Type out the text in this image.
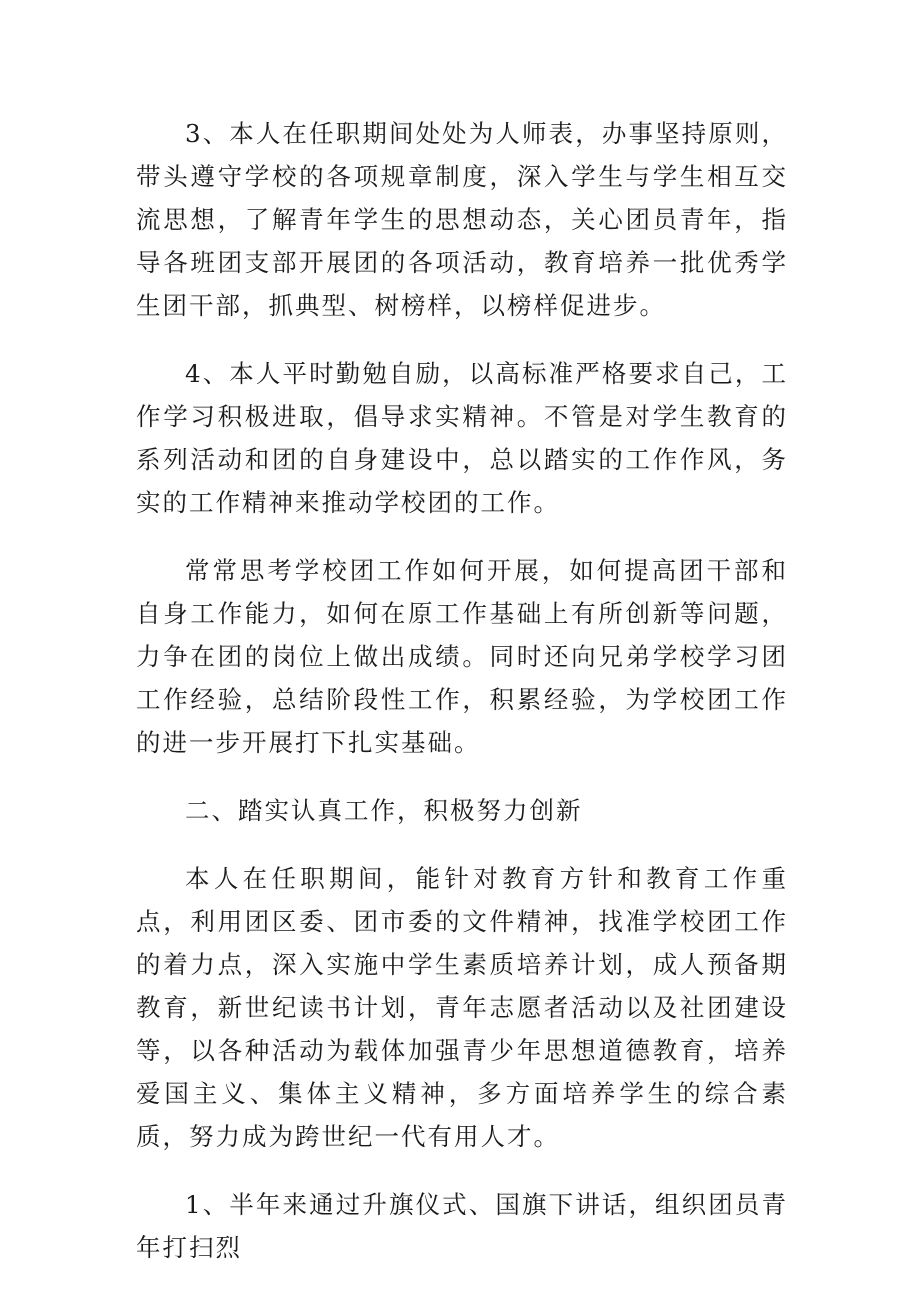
3、本人在任职期间处处为人师表，办事坚持原则，带头遵守学校的各项规章制度，深入学生与学生相互交流思想，了解青年学生的思想动态，关心团员青年，指导各班团支部开展团的各项活动，教育培养一批优秀学生团干部，抓典型、树榜样，以榜样促进步。

4、本人平时勤勉自励，以高标准严格要求自己，工作学习积极进取，倡导求实精神。不管是对学生教育的系列活动和团的自身建设中，总以踏实的工作作风，务实的工作精神来推动学校团的工作。

常常思考学校团工作如何开展，如何提高团干部和自身工作能力，如何在原工作基础上有所创新等问题，力争在团的岗位上做出成绩。同时还向兄弟学校学习团工作经验，总结阶段性工作，积累经验，为学校团工作的进一步开展打下扎实基础。

二、踏实认真工作，积极努力创新

本人在任职期间，能针对教育方针和教育工作重点，利用团区委、团市委的文件精神，找准学校团工作的着力点，深入实施中学生素质培养计划，成人预备期教育，新世纪读书计划，青年志愿者活动以及社团建设等，以各种活动为载体加强青少年思想道德教育，培养爱国主义、集体主义精神，多方面培养学生的综合素质，努力成为跨世纪一代有用人才。

1、半年来通过升旗仪式、国旗下讲话，组织团员青年打扫烈
